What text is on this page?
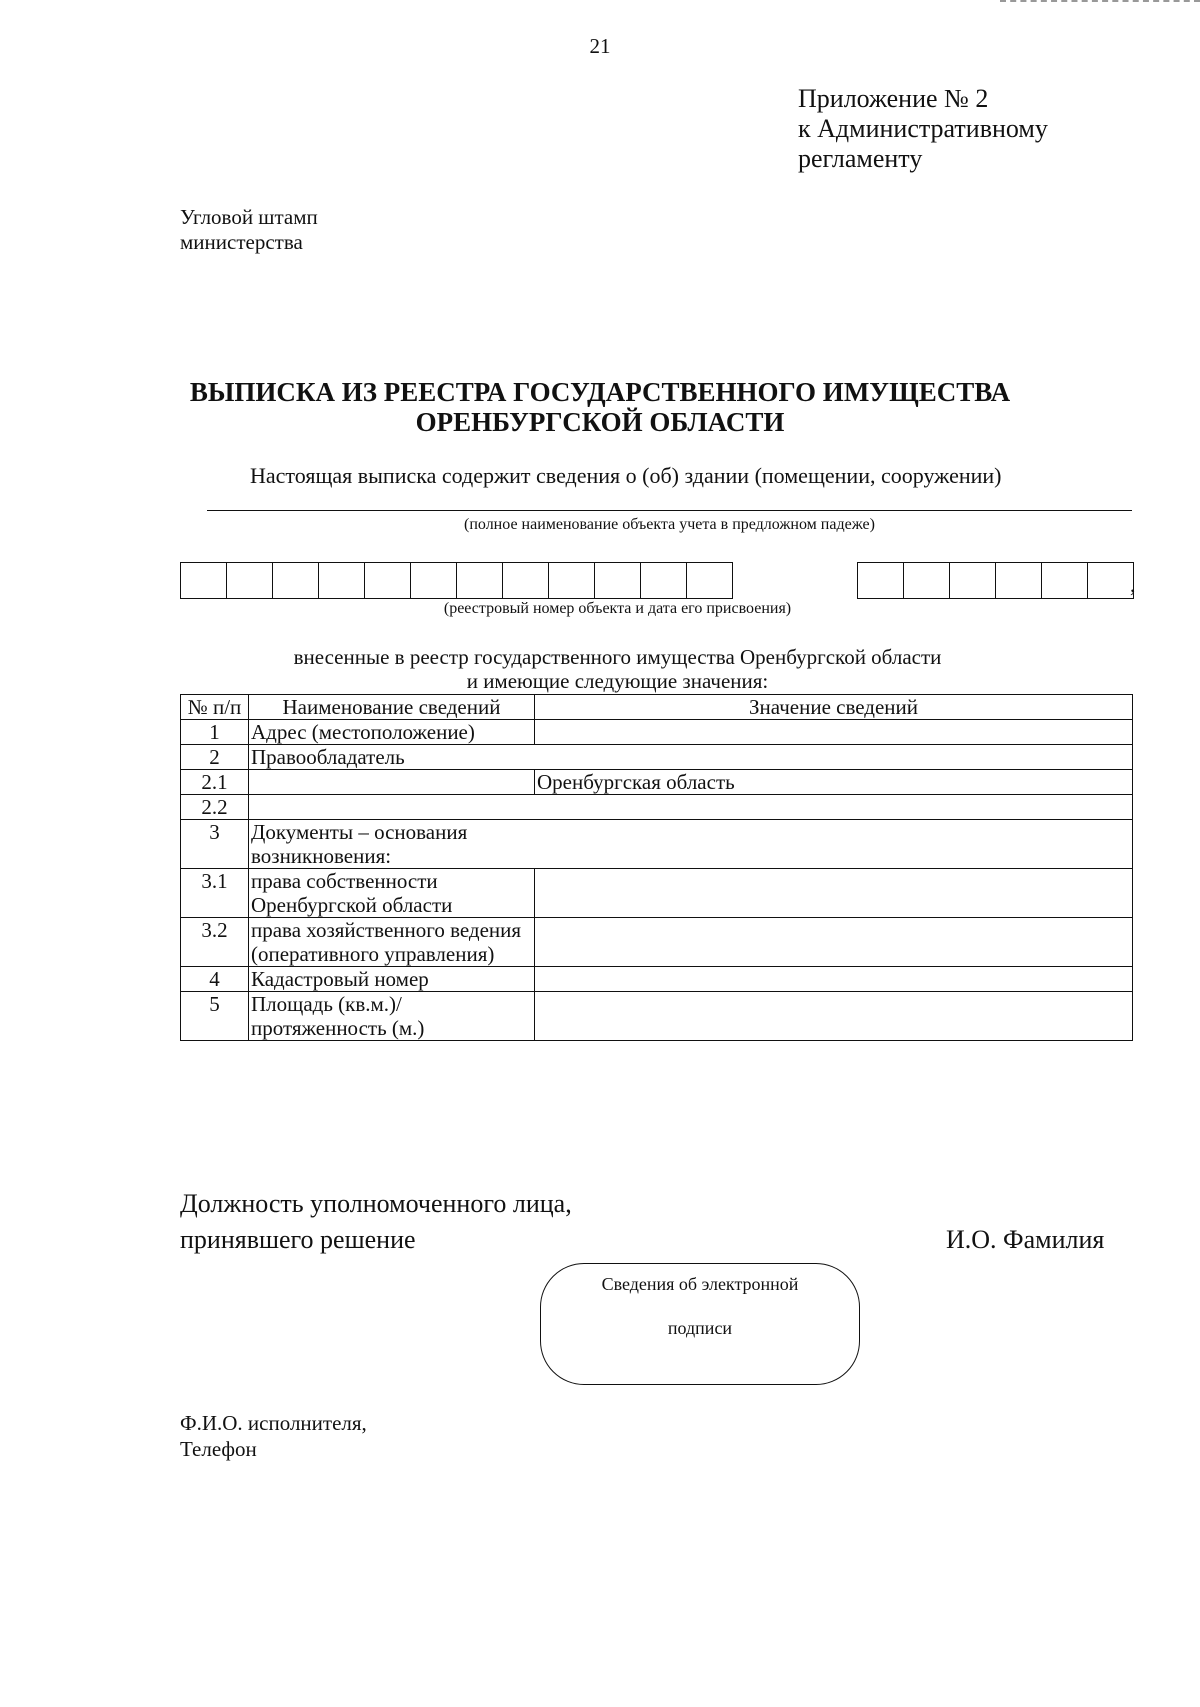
21
Приложение № 2
к Административному
регламенту
Угловой штамп
министерства
ВЫПИСКА ИЗ РЕЕСТРА ГОСУДАРСТВЕННОГО ИМУЩЕСТВА
ОРЕНБУРГСКОЙ ОБЛАСТИ
Настоящая выписка содержит сведения о (об) здании (помещении, сооружении)
(полное наименование объекта учета в предложном падеже)
,
(реестровый номер объекта и дата его присвоения)
внесенные в реестр государственного имущества Оренбургской области
и имеющие следующие значения:
№ п/п	Наименование сведений	Значение сведений
1	Адрес (местоположение)	
2	Правообладатель	
2.1		Оренбургская область
2.2		
3	Документы – основания возникновения:	
3.1	права собственности Оренбургской области	
3.2	права хозяйственного ведения (оперативного управления)	
4	Кадастровый номер	
5	Площадь (кв.м.)/ протяженность (м.)	
Должность уполномоченного лица,
принявшего решение	И.О. Фамилия
Сведения об электронной
подписи
Ф.И.О. исполнителя,
Телефон
